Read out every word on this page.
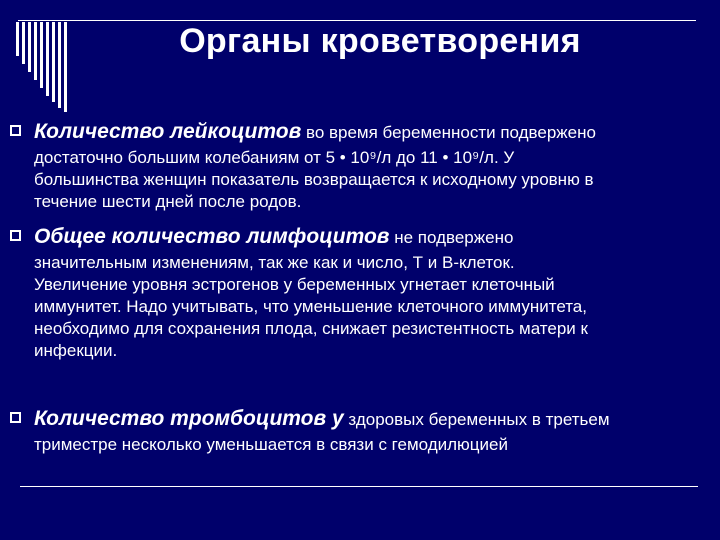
Органы кроветворения

Количество лейкоцитов во время беременности подвержено
достаточно большим колебаниям от 5 • 10⁹/л до 11 • 10⁹/л. У
большинства женщин показатель возвращается к исходному уровню в
течение шести дней после родов.

Общее количество лимфоцитов не подвержено
значительным изменениям, так же как и число, Т и В-клеток.
Увеличение уровня эстрогенов у беременных угнетает клеточный
иммунитет. Надо учитывать, что уменьшение клеточного иммунитета,
необходимо для сохранения плода, снижает резистентность матери к
инфекции.

Количество тромбоцитов у здоровых беременных в третьем
триместре несколько уменьшается в связи с гемодилюцией
